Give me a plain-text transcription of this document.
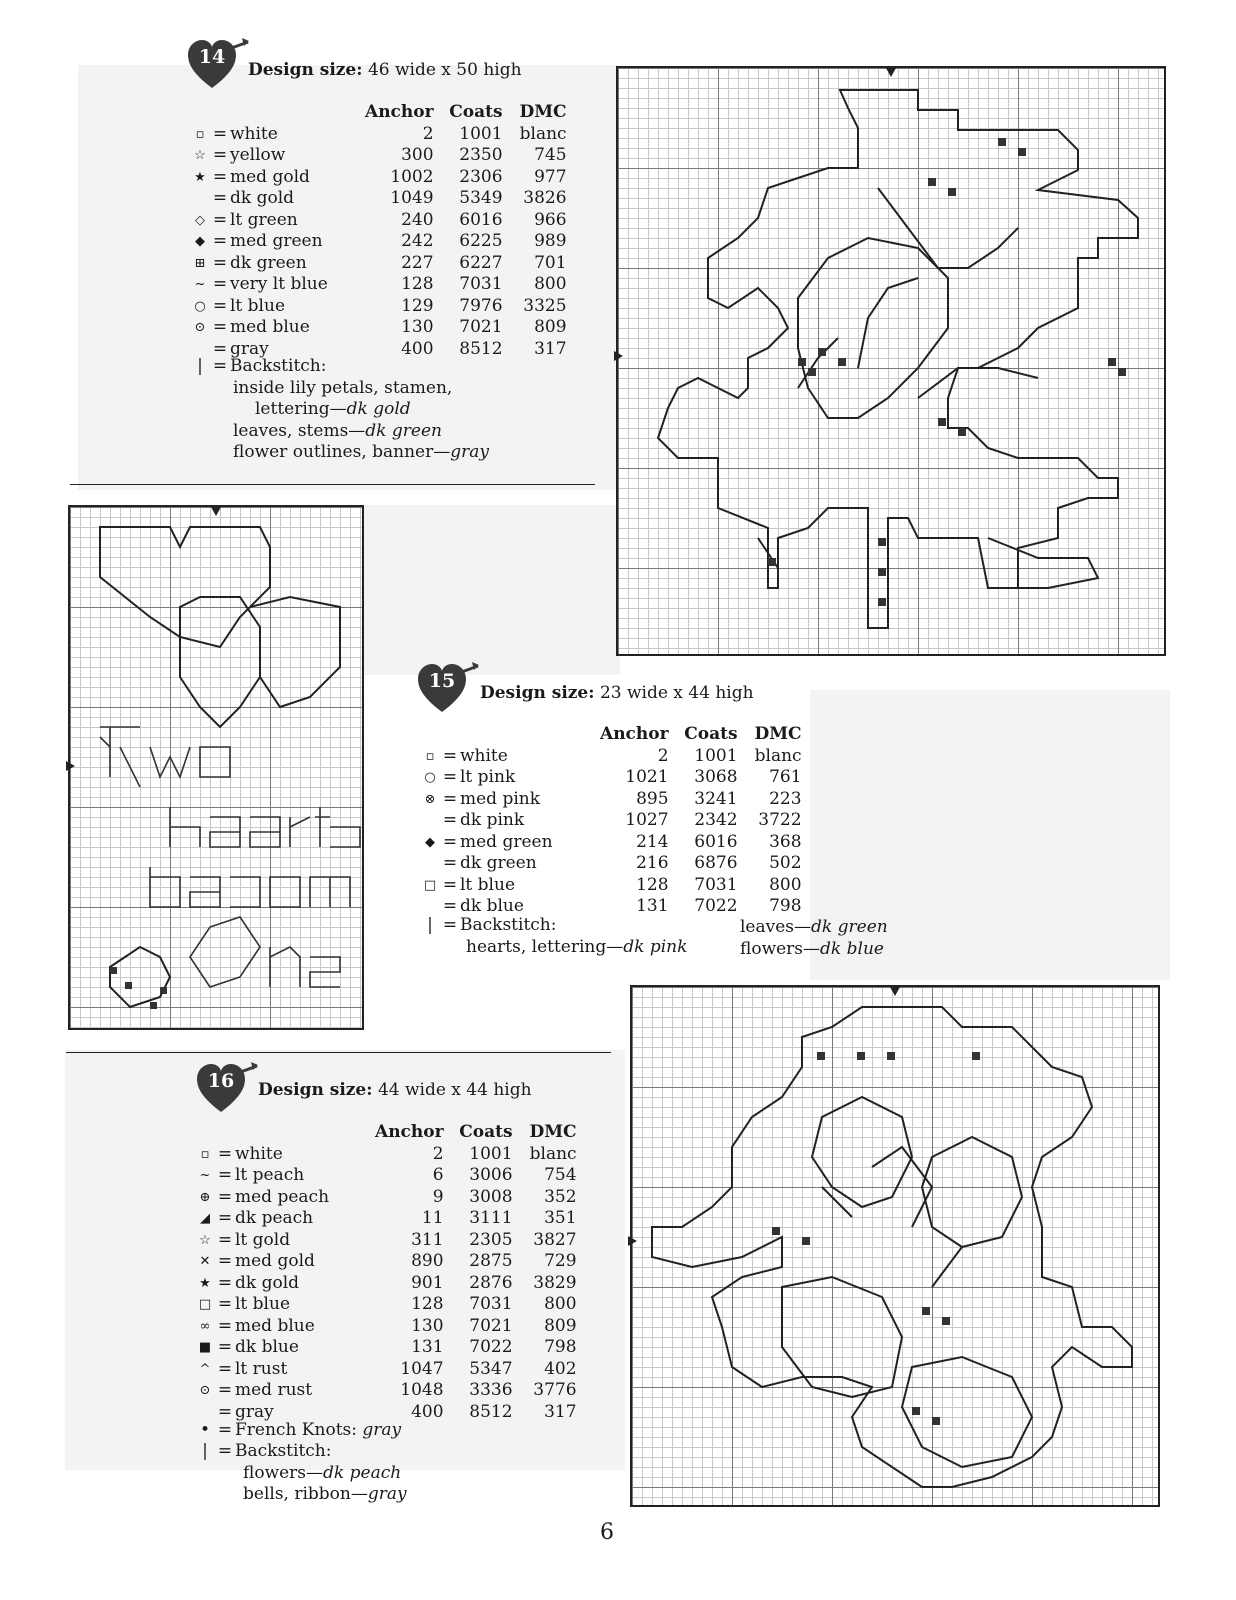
14
Design size: 46 wide x 50 high
			Anchor	Coats	DMC
▫	=	white	2	1001	blanc
☆	=	yellow	300	2350	745
★	=	med gold	1002	2306	977
	=	dk gold	1049	5349	3826
◇	=	lt green	240	6016	966
◆	=	med green	242	6225	989
⊞	=	dk green	227	6227	701
~	=	very lt blue	128	7031	800
○	=	lt blue	129	7976	3325
⊙	=	med blue	130	7021	809
	=	gray	400	8512	317
| = Backstitch:
inside lily petals, stamen,
lettering—dk gold
leaves, stems—dk green
flower outlines, banner—gray
15
Design size: 23 wide x 44 high
			Anchor	Coats	DMC
▫	=	white	2	1001	blanc
○	=	lt pink	1021	3068	761
⊗	=	med pink	895	3241	223
	=	dk pink	1027	2342	3722
◆	=	med green	214	6016	368
	=	dk green	216	6876	502
□	=	lt blue	128	7031	800
	=	dk blue	131	7022	798
| = Backstitch:
hearts, lettering—dk pink
leaves—dk green
flowers—dk blue
16	Design size: 44 wide x 44 high
			Anchor	Coats	DMC
▫	=	white	2	1001	blanc
~	=	lt peach	6	3006	754
⊕	=	med peach	9	3008	352
◢	=	dk peach	11	3111	351
☆	=	lt gold	311	2305	3827
✕	=	med gold	890	2875	729
★	=	dk gold	901	2876	3829
□	=	lt blue	128	7031	800
∞	=	med blue	130	7021	809
■	=	dk blue	131	7022	798
^	=	lt rust	1047	5347	402
⊙	=	med rust	1048	3336	3776
	=	gray	400	8512	317
• = French Knots: gray
| = Backstitch:
flowers—dk peach
bells, ribbon—gray
6
